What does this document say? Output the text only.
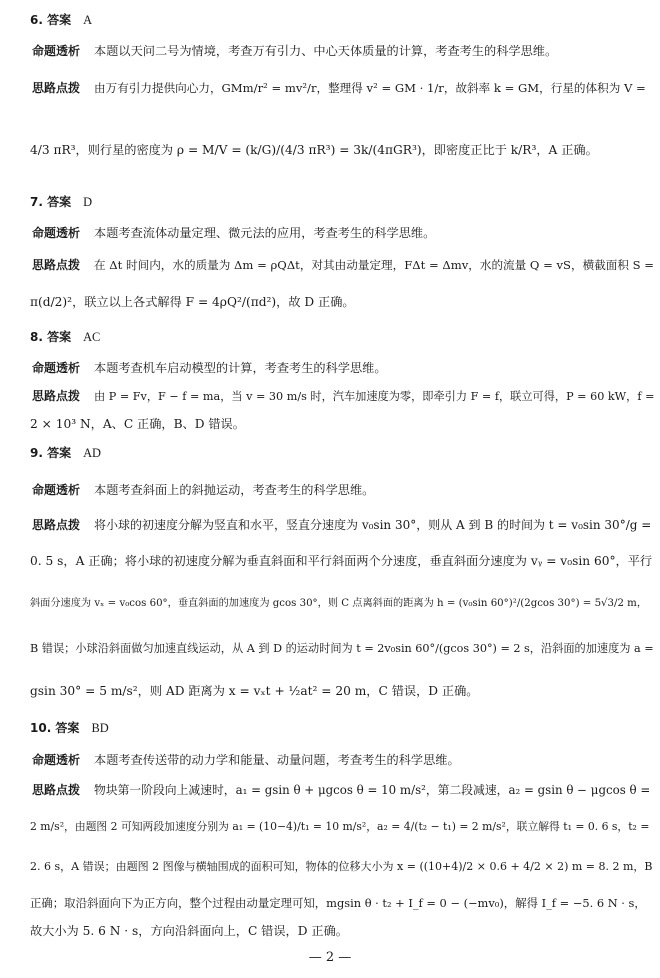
6. 答案 A
命题透析 本题以天问二号为情境，考查万有引力、中心天体质量的计算，考查考生的科学思维。
思路点拨 由万有引力提供向心力，GMm/r² = mv²/r，整理得 v² = GM · 1/r，故斜率 k = GM，行星的体积为 V =
4/3 πR³，则行星的密度为 ρ = M/V = (k/G)/(4/3 πR³) = 3k/(4πGR³)，即密度正比于 k/R³，A 正确。
7. 答案 D
命题透析 本题考查流体动量定理、微元法的应用，考查考生的科学思维。
思路点拨 在 Δt 时间内，水的质量为 Δm = ρQΔt，对其由动量定理，FΔt = Δmv，水的流量 Q = vS，横截面积 S =
π(d/2)²，联立以上各式解得 F = 4ρQ²/(πd²)，故 D 正确。
8. 答案 AC
命题透析 本题考查机车启动模型的计算，考查考生的科学思维。
思路点拨 由 P = Fv，F − f = ma，当 v = 30 m/s 时，汽车加速度为零，即牵引力 F = f，联立可得，P = 60 kW，f =
2 × 10³ N，A、C 正确，B、D 错误。
9. 答案 AD
命题透析 本题考查斜面上的斜抛运动，考查考生的科学思维。
思路点拨 将小球的初速度分解为竖直和水平，竖直分速度为 v₀sin 30°，则从 A 到 B 的时间为 t = v₀sin 30°/g =
0. 5 s，A 正确；将小球的初速度分解为垂直斜面和平行斜面两个分速度，垂直斜面分速度为 vᵧ = v₀sin 60°，平行
斜面分速度为 vₓ = v₀cos 60°，垂直斜面的加速度为 gcos 30°，则 C 点离斜面的距离为 h = (v₀sin 60°)²/(2gcos 30°) = 5√3/2 m，
B 错误；小球沿斜面做匀加速直线运动，从 A 到 D 的运动时间为 t = 2v₀sin 60°/(gcos 30°) = 2 s，沿斜面的加速度为 a =
gsin 30° = 5 m/s²，则 AD 距离为 x = vₓt + ½at² = 20 m，C 错误，D 正确。
10. 答案 BD
命题透析 本题考查传送带的动力学和能量、动量问题，考查考生的科学思维。
思路点拨 物块第一阶段向上减速时，a₁ = gsin θ + μgcos θ = 10 m/s²，第二段减速，a₂ = gsin θ − μgcos θ =
2 m/s²，由题图 2 可知两段加速度分别为 a₁ = (10−4)/t₁ = 10 m/s²，a₂ = 4/(t₂ − t₁) = 2 m/s²，联立解得 t₁ = 0. 6 s，t₂ =
2. 6 s，A 错误；由题图 2 图像与横轴围成的面积可知，物体的位移大小为 x = ((10+4)/2 × 0.6 + 4/2 × 2) m = 8. 2 m，B
正确；取沿斜面向下为正方向，整个过程由动量定理可知，mgsin θ · t₂ + I_f = 0 − (−mv₀)，解得 I_f = −5. 6 N · s，
故大小为 5. 6 N · s，方向沿斜面向上，C 错误，D 正确。
— 2 —
